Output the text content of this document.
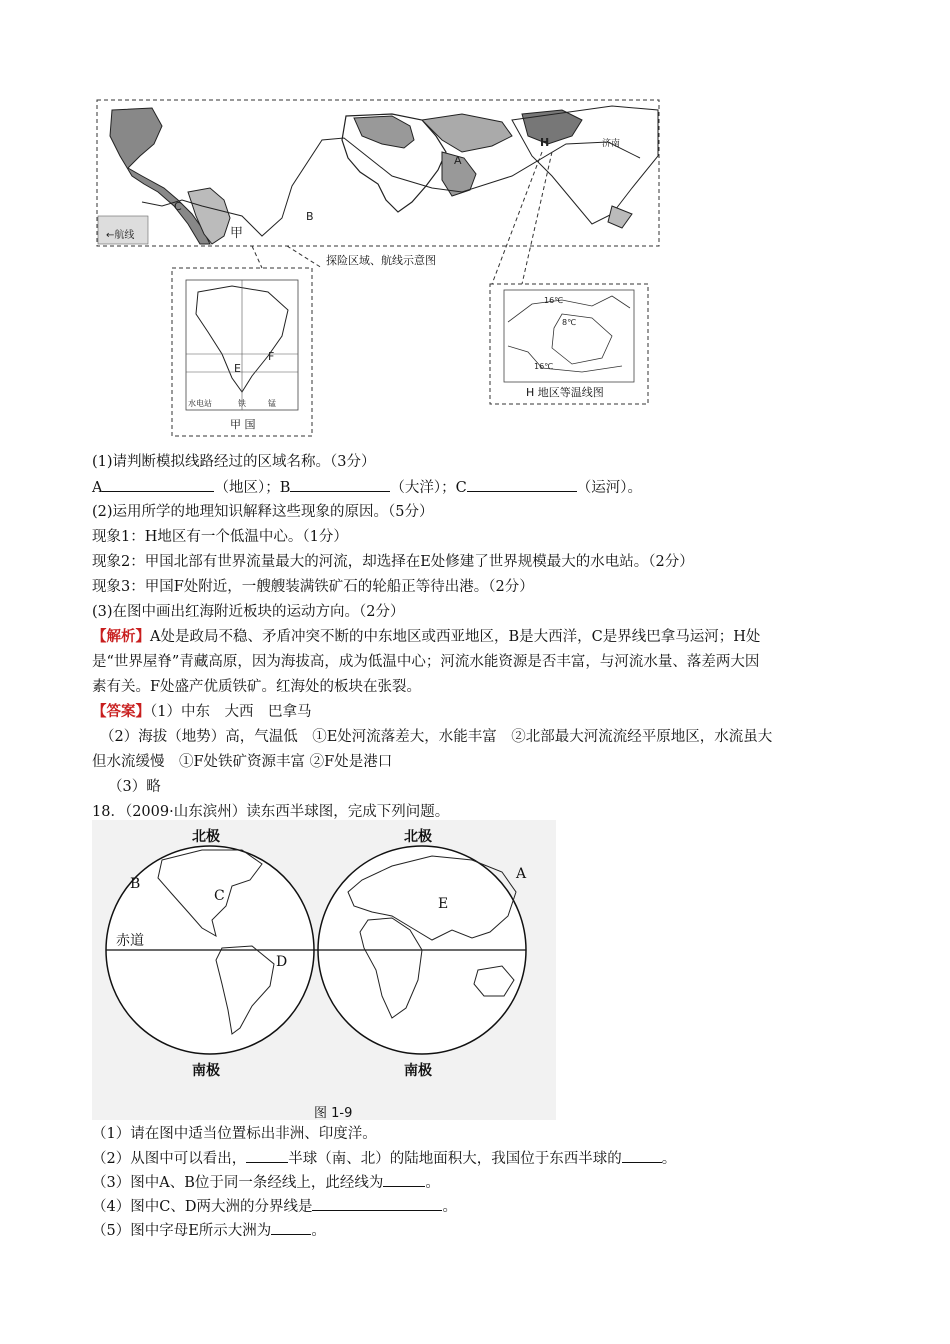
A
B
C
H	济南
甲
←航线
探险区域、航线示意图
E
F
水电站	铁	锰
甲 国
16℃
8℃
16℃
H 地区等温线图
(1)请判断模拟线路经过的区域名称。（3分）
A	（地区）；B	（大洋）；C	（运河）。
(2)运用所学的地理知识解释这些现象的原因。（5分）
现象1：H地区有一个低温中心。（1分）
现象2：甲国北部有世界流量最大的河流，却选择在E处修建了世界规模最大的水电站。（2分）
现象3：甲国F处附近，一艘艘装满铁矿石的轮船正等待出港。（2分）
(3)在图中画出红海附近板块的运动方向。（2分）
【解析】A处是政局不稳、矛盾冲突不断的中东地区或西亚地区，B是大西洋，C是界线巴拿马运河；H处
是“世界屋脊”青藏高原，因为海拔高，成为低温中心；河流水能资源是否丰富，与河流水量、落差两大因
素有关。F处盛产优质铁矿。红海处的板块在张裂。
【答案】（1）中东　大西　巴拿马
（2）海拔（地势）高，气温低　①E处河流落差大，水能丰富　②北部最大河流流经平原地区，水流虽大
但水流缓慢　①F处铁矿资源丰富 ②F处是港口
（3）略
18．（2009·山东滨州）读东西半球图，完成下列问题。
北极	北极
南极	南极
赤道
A
B
C
D
E
图 1-9
（1）请在图中适当位置标出非洲、印度洋。
（2）从图中可以看出，	半球（南、北）的陆地面积大，我国位于东西半球的	。
（3）图中A、B位于同一条经线上，此经线为	。
（4）图中C、D两大洲的分界线是	。
（5）图中字母E所示大洲为	。
